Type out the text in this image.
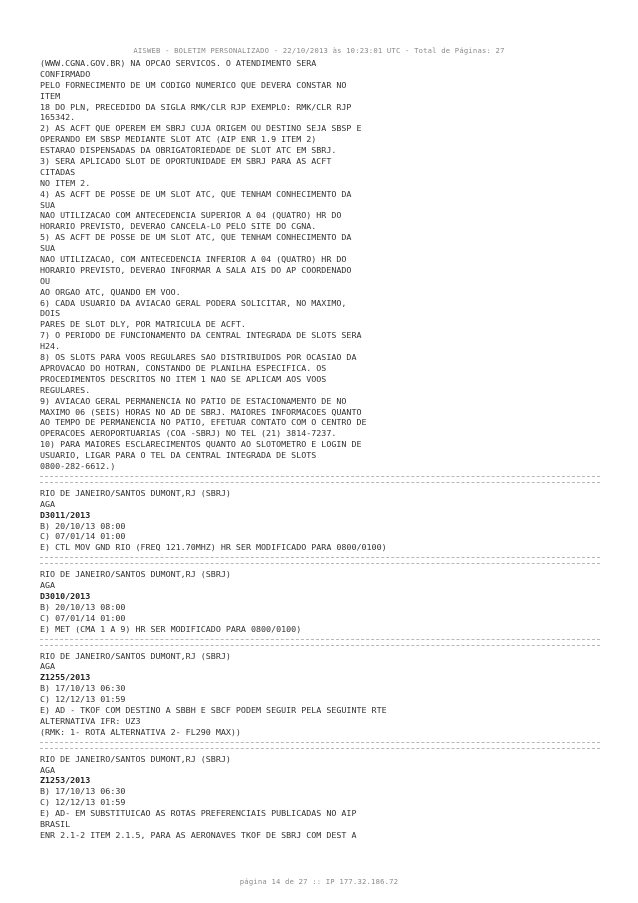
AISWEB - BOLETIM PERSONALIZADO - 22/10/2013 às 10:23:01 UTC - Total de Páginas: 27
(WWW.CGNA.GOV.BR) NA OPCAO SERVICOS. O ATENDIMENTO SERA
CONFIRMADO
PELO FORNECIMENTO DE UM CODIGO NUMERICO QUE DEVERA CONSTAR NO
ITEM
18 DO PLN, PRECEDIDO DA SIGLA RMK/CLR RJP EXEMPLO: RMK/CLR RJP
165342.
2) AS ACFT QUE OPEREM EM SBRJ CUJA ORIGEM OU DESTINO SEJA SBSP E
OPERANDO EM SBSP MEDIANTE SLOT ATC (AIP ENR 1.9 ITEM 2)
ESTARAO DISPENSADAS DA OBRIGATORIEDADE DE SLOT ATC EM SBRJ.
3) SERA APLICADO SLOT DE OPORTUNIDADE EM SBRJ PARA AS ACFT
CITADAS
NO ITEM 2.
4) AS ACFT DE POSSE DE UM SLOT ATC, QUE TENHAM CONHECIMENTO DA
SUA
NAO UTILIZACAO COM ANTECEDENCIA SUPERIOR A 04 (QUATRO) HR DO
HORARIO PREVISTO, DEVERAO CANCELA-LO PELO SITE DO CGNA.
5) AS ACFT DE POSSE DE UM SLOT ATC, QUE TENHAM CONHECIMENTO DA
SUA
NAO UTILIZACAO, COM ANTECEDENCIA INFERIOR A 04 (QUATRO) HR DO
HORARIO PREVISTO, DEVERAO INFORMAR A SALA AIS DO AP COORDENADO
OU
AO ORGAO ATC, QUANDO EM VOO.
6) CADA USUARIO DA AVIACAO GERAL PODERA SOLICITAR, NO MAXIMO,
DOIS
PARES DE SLOT DLY, POR MATRICULA DE ACFT.
7) O PERIODO DE FUNCIONAMENTO DA CENTRAL INTEGRADA DE SLOTS SERA
H24.
8) OS SLOTS PARA VOOS REGULARES SAO DISTRIBUIDOS POR OCASIAO DA
APROVACAO DO HOTRAN, CONSTANDO DE PLANILHA ESPECIFICA. OS
PROCEDIMENTOS DESCRITOS NO ITEM 1 NAO SE APLICAM AOS VOOS
REGULARES.
9) AVIACAO GERAL PERMANENCIA NO PATIO DE ESTACIONAMENTO DE NO
MAXIMO 06 (SEIS) HORAS NO AD DE SBRJ. MAIORES INFORMACOES QUANTO
AO TEMPO DE PERMANENCIA NO PATIO, EFETUAR CONTATO COM O CENTRO DE
OPERACOES AEROPORTUARIAS (COA -SBRJ) NO TEL (21) 3814-7237.
10) PARA MAIORES ESCLARECIMENTOS QUANTO AO SLOTOMETRO E LOGIN DE
USUARIO, LIGAR PARA O TEL DA CENTRAL INTEGRADA DE SLOTS
0800-282-6612.)
RIO DE JANEIRO/SANTOS DUMONT,RJ (SBRJ)
AGA
D3011/2013
B) 20/10/13 08:00
C) 07/01/14 01:00
E) CTL MOV GND RIO (FREQ 121.70MHZ) HR SER MODIFICADO PARA 0800/0100)
RIO DE JANEIRO/SANTOS DUMONT,RJ (SBRJ)
AGA
D3010/2013
B) 20/10/13 08:00
C) 07/01/14 01:00
E) MET (CMA 1 A 9) HR SER MODIFICADO PARA 0800/0100)
RIO DE JANEIRO/SANTOS DUMONT,RJ (SBRJ)
AGA
Z1255/2013
B) 17/10/13 06:30
C) 12/12/13 01:59
E) AD - TKOF COM DESTINO A SBBH E SBCF PODEM SEGUIR PELA SEGUINTE RTE
ALTERNATIVA IFR: UZ3
(RMK: 1- ROTA ALTERNATIVA 2- FL290 MAX))
RIO DE JANEIRO/SANTOS DUMONT,RJ (SBRJ)
AGA
Z1253/2013
B) 17/10/13 06:30
C) 12/12/13 01:59
E) AD- EM SUBSTITUICAO AS ROTAS PREFERENCIAIS PUBLICADAS NO AIP
BRASIL
ENR 2.1-2 ITEM 2.1.5, PARA AS AERONAVES TKOF DE SBRJ COM DEST A
página 14 de 27 :: IP 177.32.186.72
